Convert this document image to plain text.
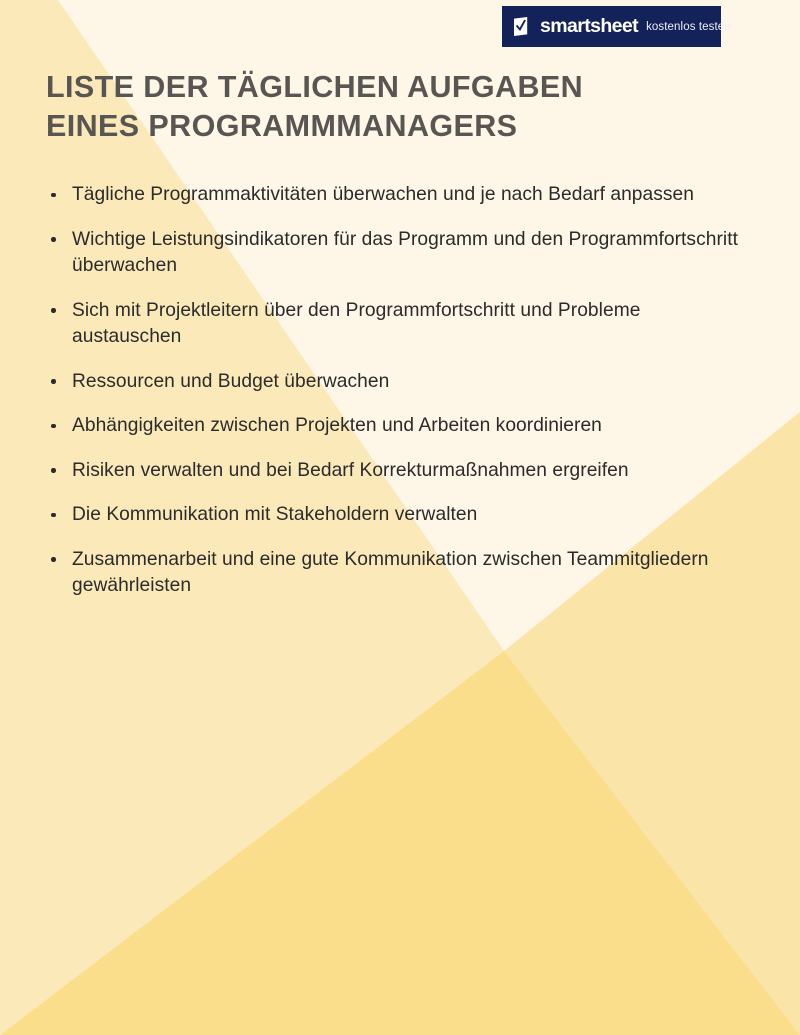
smartsheet kostenlos testen
LISTE DER TÄGLICHEN AUFGABEN
EINES PROGRAMMMANAGERS
Tägliche Programmaktivitäten überwachen und je nach Bedarf anpassen
Wichtige Leistungsindikatoren für das Programm und den Programmfortschritt überwachen
Sich mit Projektleitern über den Programmfortschritt und Probleme austauschen
Ressourcen und Budget überwachen
Abhängigkeiten zwischen Projekten und Arbeiten koordinieren
Risiken verwalten und bei Bedarf Korrekturmaßnahmen ergreifen
Die Kommunikation mit Stakeholdern verwalten
Zusammenarbeit und eine gute Kommunikation zwischen Teammitgliedern gewährleisten
